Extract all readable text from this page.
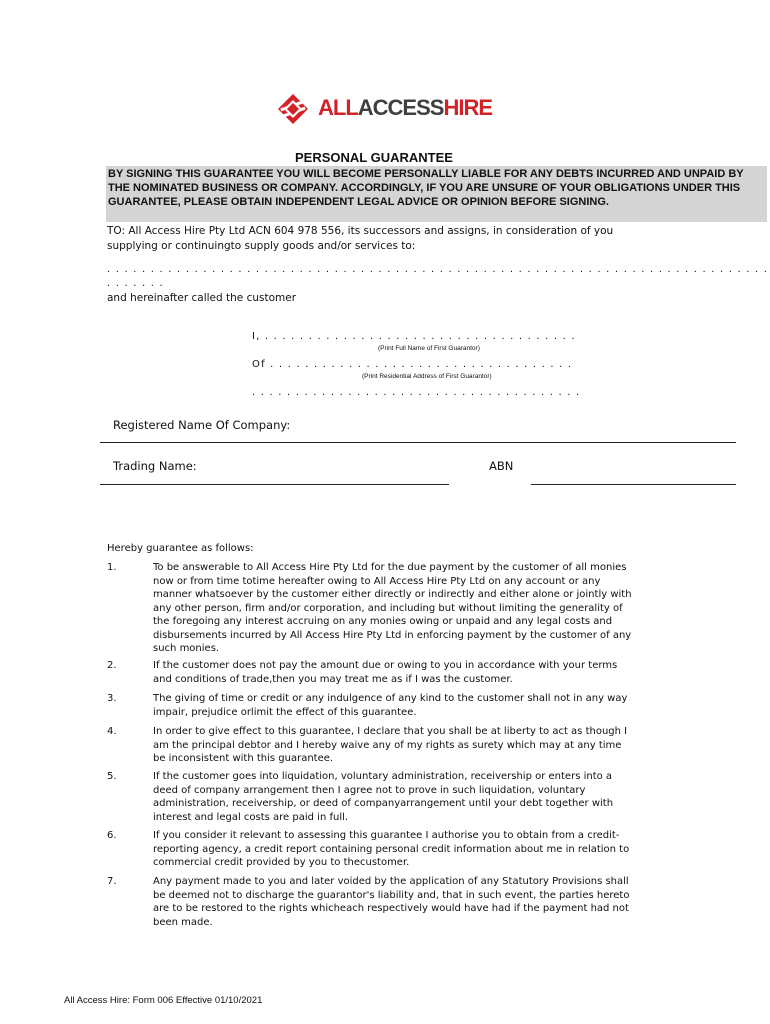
ALLACCESSHIRE
PERSONAL GUARANTEE
BY SIGNING THIS GUARANTEE YOU WILL BECOME PERSONALLY LIABLE FOR ANY DEBTS INCURRED AND UNPAID BY THE NOMINATED BUSINESS OR COMPANY. ACCORDINGLY, IF YOU ARE UNSURE OF YOUR OBLIGATIONS UNDER THIS GUARANTEE, PLEASE OBTAIN INDEPENDENT LEGAL ADVICE OR OPINION BEFORE SIGNING.
TO: All Access Hire Pty Ltd ACN 604 978 556, its successors and assigns, in consideration of you supplying or continuingto supply goods and/or services to:
. . . . . . . . . . . . . . . . . . . . . . . . . . . . . . . . . . . . . . . . . . . . . . . . . . . . . . . . . . . . . . . . . . . . . . . . . . . .
. . . . . . .
and hereinafter called the customer
I, . . . . . . . . . . . . . . . . . . . . . . . . . . . . . . . . . . . .
(Print Full Name of First Guarantor)
Of . . . . . . . . . . . . . . . . . . . . . . . . . . . . . . . . . . .
(Print Residential Address of First Guarantor)
. . . . . . . . . . . . . . . . . . . . . . . . . . . . . . . . . . . . . .
Registered Name Of Company:
Trading Name:	ABN
Hereby guarantee as follows:
1.	To be answerable to All Access Hire Pty Ltd for the due payment by the customer of all monies now or from time totime hereafter owing to All Access Hire Pty Ltd on any account or any manner whatsoever by the customer either directly or indirectly and either alone or jointly with any other person, firm and/or corporation, and including but without limiting the generality of the foregoing any interest accruing on any monies owing or unpaid and any legal costs and disbursements incurred by All Access Hire Pty Ltd in enforcing payment by the customer of any such monies.
2.	If the customer does not pay the amount due or owing to you in accordance with your terms and conditions of trade,then you may treat me as if I was the customer.
3.	The giving of time or credit or any indulgence of any kind to the customer shall not in any way impair, prejudice orlimit the effect of this guarantee.
4.	In order to give effect to this guarantee, I declare that you shall be at liberty to act as though I am the principal debtor and I hereby waive any of my rights as surety which may at any time be inconsistent with this guarantee.
5.	If the customer goes into liquidation, voluntary administration, receivership or enters into a deed of company arrangement then I agree not to prove in such liquidation, voluntary administration, receivership, or deed of companyarrangement until your debt together with interest and legal costs are paid in full.
6.	If you consider it relevant to assessing this guarantee I authorise you to obtain from a credit-reporting agency, a credit report containing personal credit information about me in relation to commercial credit provided by you to thecustomer.
7.	Any payment made to you and later voided by the application of any Statutory Provisions shall be deemed not to discharge the guarantor's liability and, that in such event, the parties hereto are to be restored to the rights whicheach respectively would have had if the payment had not been made.
All Access Hire: Form 006 Effective 01/10/2021
